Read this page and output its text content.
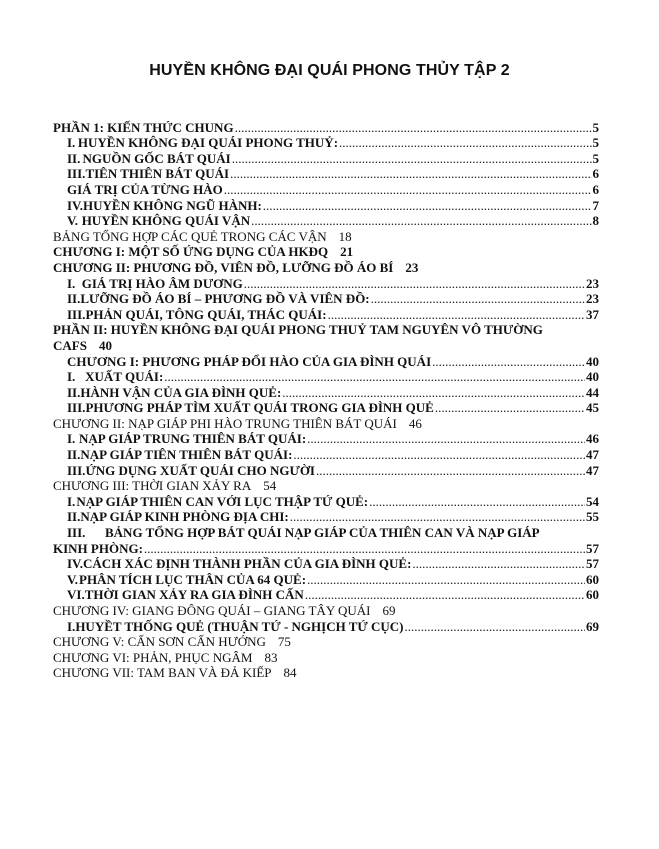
HUYỀN KHÔNG ĐẠI QUÁI PHONG THỦY TẬP 2
PHẦN 1: KIẾN THỨC CHUNG .....	5
I. HUYỀN KHÔNG ĐẠI QUÁI PHONG THUỶ: .....	5
II. NGUỒN GỐC BÁT QUÁI .....	5
III. TIÊN THIÊN BÁT QUÁI .....	6
GIÁ TRỊ CỦA TỪNG HÀO .....	6
IV. HUYỀN KHÔNG NGŨ HÀNH: .....	7
V. HUYỀN KHÔNG QUÁI VẬN .....	8
BẢNG TỔNG HỢP CÁC QUẺ TRONG CÁC VẬN 18
CHƯƠNG I: MỘT SỐ ỨNG DỤNG CỦA HKĐQ 21
CHƯƠNG II: PHƯƠNG ĐỒ, VIÊN ĐỒ, LƯỠNG ĐỒ ÁO BÍ 23
I. GIÁ TRỊ HÀO ÂM DƯƠNG .....	23
II. LƯỠNG ĐỒ ÁO BÍ – PHƯƠNG ĐỒ VÀ VIÊN ĐỒ: .....	23
III. PHẢN QUÁI, TÔNG QUÁI, THÁC QUÁI: .....	37
PHẦN II: HUYỀN KHÔNG ĐẠI QUÁI PHONG THUỶ TAM NGUYÊN VÔ THƯỜNG
CAFS 40
CHƯƠNG I: PHƯƠNG PHÁP ĐỔI HÀO CỦA GIA ĐÌNH QUÁI .....	40
I. XUẤT QUÁI: .....	40
II. HÀNH VẬN CỦA GIA ĐÌNH QUẺ: .....	44
III. PHƯƠNG PHÁP TÌM XUẤT QUÁI TRONG GIA ĐÌNH QUẺ .....	45
CHƯƠNG II: NẠP GIÁP PHI HÀO TRUNG THIÊN BÁT QUÁI 46
I. NẠP GIÁP TRUNG THIÊN BÁT QUÁI: .....	46
II. NẠP GIÁP TIÊN THIÊN BÁT QUÁI: .....	47
III. ỨNG DỤNG XUẤT QUÁI CHO NGƯỜI .....	47
CHƯƠNG III: THỜI GIAN XẢY RA 54
I. NẠP GIÁP THIÊN CAN VỚI LỤC THẬP TỨ QUẺ: .....	54
II. NẠP GIÁP KINH PHÒNG ĐỊA CHI: .....	55
III.	BẢNG TỔNG HỢP BÁT QUÁI NẠP GIÁP CỦA THIÊN CAN VÀ NẠP GIÁP
KINH PHÒNG: .....	57
IV. CÁCH XÁC ĐỊNH THÀNH PHẦN CỦA GIA ĐÌNH QUẺ: .....	57
V. PHÂN TÍCH LỤC THÂN CỦA 64 QUẺ: .....	60
VI. THỜI GIAN XẢY RA GIA ĐÌNH CẤN .....	60
CHƯƠNG IV: GIANG ĐÔNG QUÁI – GIANG TÂY QUÁI 69
I. HUYỀT THỐNG QUẺ (THUẬN TỨ - NGHỊCH TỨ CỤC) .....	69
CHƯƠNG V: CẤN SƠN CẤN HƯỚNG 75
CHƯƠNG VI: PHẢN, PHỤC NGÂM 83
CHƯƠNG VII: TAM BAN VÀ ĐẢ KIẾP 84
